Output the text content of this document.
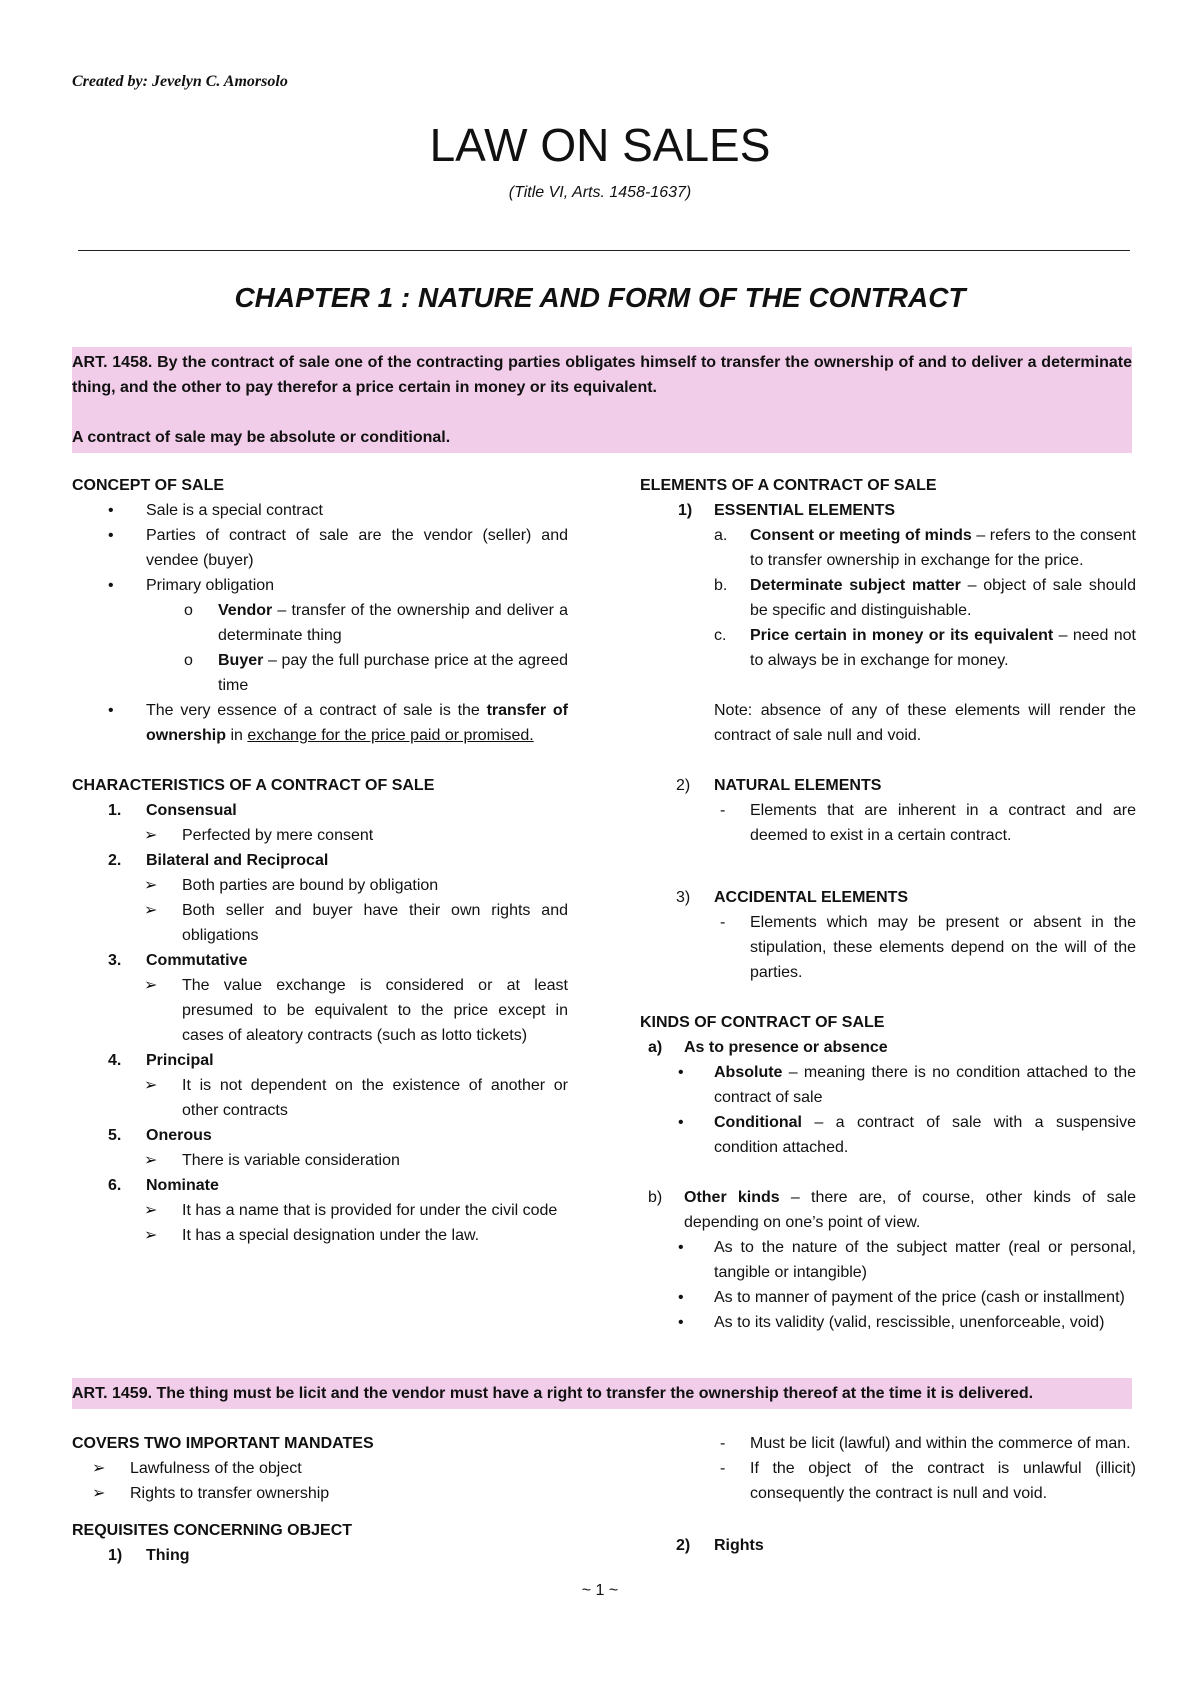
Created by: Jevelyn C. Amorsolo
LAW ON SALES
(Title VI, Arts. 1458-1637)
CHAPTER 1 : NATURE AND FORM OF THE CONTRACT

ART. 1458. By the contract of sale one of the contracting parties obligates himself to transfer the ownership of and to deliver a determinate thing, and the other to pay therefor a price certain in money or its equivalent.

A contract of sale may be absolute or conditional.

CONCEPT OF SALE

• Sale is a special contract
• Parties of contract of sale are the vendor (seller) and vendee (buyer)
• Primary obligation
o Vendor – transfer of the ownership and deliver a determinate thing
o Buyer – pay the full purchase price at the agreed time
• The very essence of a contract of sale is the transfer of ownership in exchange for the price paid or promised.

CHARACTERISTICS OF A CONTRACT OF SALE

1. Consensual
➢ Perfected by mere consent
2. Bilateral and Reciprocal
➢ Both parties are bound by obligation
➢ Both seller and buyer have their own rights and obligations
3. Commutative
➢ The value exchange is considered or at least presumed to be equivalent to the price except in cases of aleatory contracts (such as lotto tickets)
4. Principal
➢ It is not dependent on the existence of another or other contracts
5. Onerous
➢ There is variable consideration
6. Nominate
➢ It has a name that is provided for under the civil code
➢ It has a special designation under the law.

ELEMENTS OF A CONTRACT OF SALE

1) ESSENTIAL ELEMENTS
a. Consent or meeting of minds – refers to the consent to transfer ownership in exchange for the price.
b. Determinate subject matter – object of sale should be specific and distinguishable.
c. Price certain in money or its equivalent – need not to always be in exchange for money.
Note: absence of any of these elements will render the contract of sale null and void.
2) NATURAL ELEMENTS
- Elements that are inherent in a contract and are deemed to exist in a certain contract.
3) ACCIDENTAL ELEMENTS
- Elements which may be present or absent in the stipulation, these elements depend on the will of the parties.

KINDS OF CONTRACT OF SALE

a) As to presence or absence
• Absolute – meaning there is no condition attached to the contract of sale
• Conditional – a contract of sale with a suspensive condition attached.
b) Other kinds – there are, of course, other kinds of sale depending on one’s point of view.
• As to the nature of the subject matter (real or personal, tangible or intangible)
• As to manner of payment of the price (cash or installment)
• As to its validity (valid, rescissible, unenforceable, void)

ART. 1459. The thing must be licit and the vendor must have a right to transfer the ownership thereof at the time it is delivered.

COVERS TWO IMPORTANT MANDATES

➢ Lawfulness of the object
➢ Rights to transfer ownership

REQUISITES CONCERNING OBJECT

1) Thing
- Must be licit (lawful) and within the commerce of man.
- If the object of the contract is unlawful (illicit) consequently the contract is null and void.
2) Rights
~ 1 ~
